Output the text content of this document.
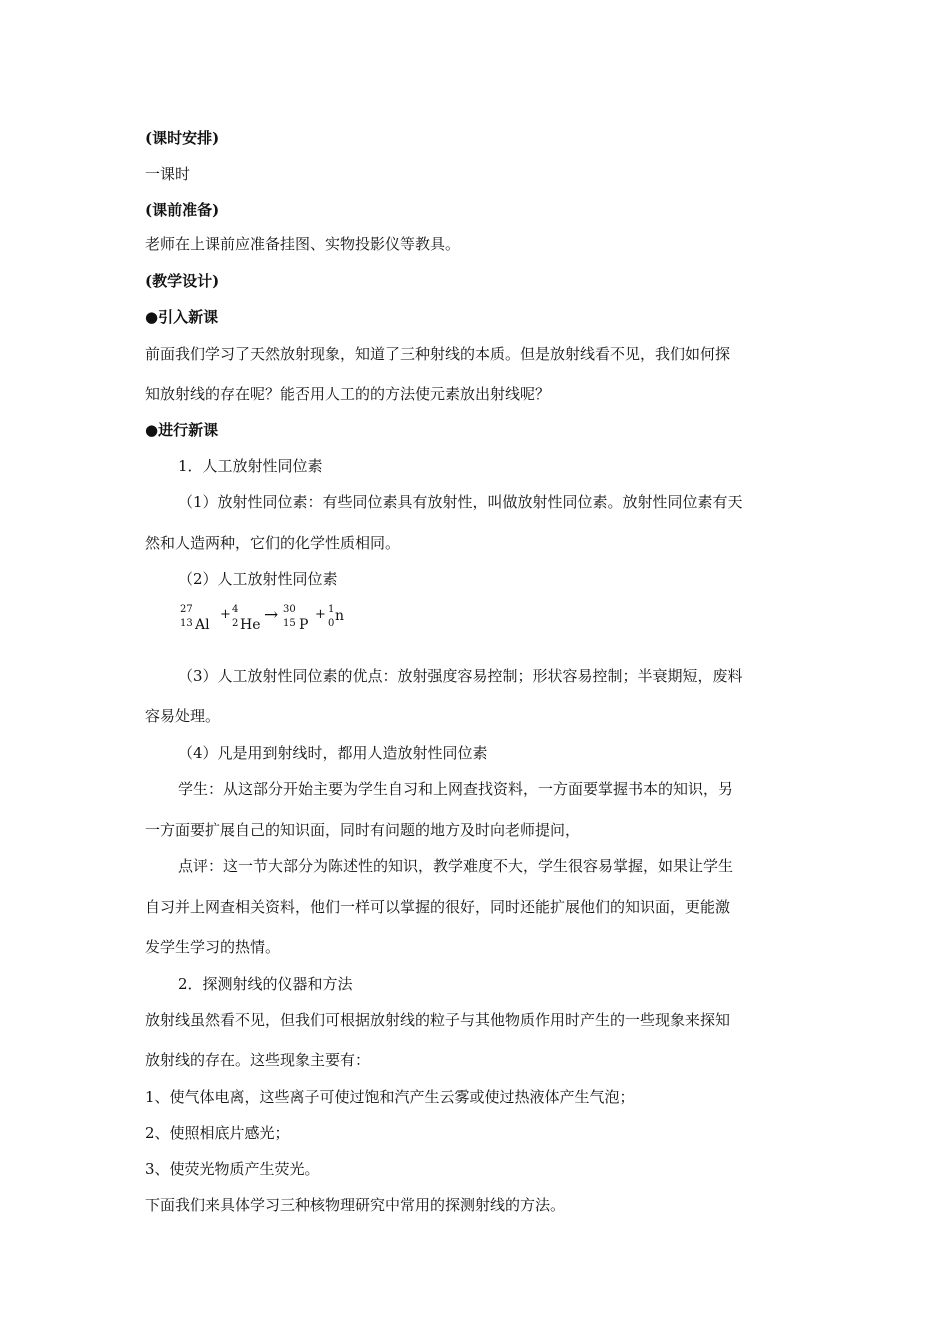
(课时安排)
一课时
(课前准备)
老师在上课前应准备挂图、实物投影仪等教具。
(教学设计)
●引入新课
前面我们学习了天然放射现象，知道了三种射线的本质。但是放射线看不见，我们如何探
知放射线的存在呢？能否用人工的的方法使元素放出射线呢？
●进行新课
1．人工放射性同位素
（1）放射性同位素：有些同位素具有放射性，叫做放射性同位素。放射性同位素有天
然和人造两种，它们的化学性质相同。
（2）人工放射性同位素
27
13 Al
+ 4
2 He → 30
15 P
+ 1
0 n
（3）人工放射性同位素的优点：放射强度容易控制；形状容易控制；半衰期短，废料
容易处理。
（4）凡是用到射线时，都用人造放射性同位素
学生：从这部分开始主要为学生自习和上网查找资料，一方面要掌握书本的知识，另
一方面要扩展自己的知识面，同时有问题的地方及时向老师提问，
点评：这一节大部分为陈述性的知识，教学难度不大，学生很容易掌握，如果让学生
自习并上网查相关资料，他们一样可以掌握的很好，同时还能扩展他们的知识面，更能激
发学生学习的热情。
2．探测射线的仪器和方法
放射线虽然看不见，但我们可根据放射线的粒子与其他物质作用时产生的一些现象来探知
放射线的存在。这些现象主要有：
1、使气体电离，这些离子可使过饱和汽产生云雾或使过热液体产生气泡；
2、使照相底片感光；
3、使荧光物质产生荧光。
下面我们来具体学习三种核物理研究中常用的探测射线的方法。
